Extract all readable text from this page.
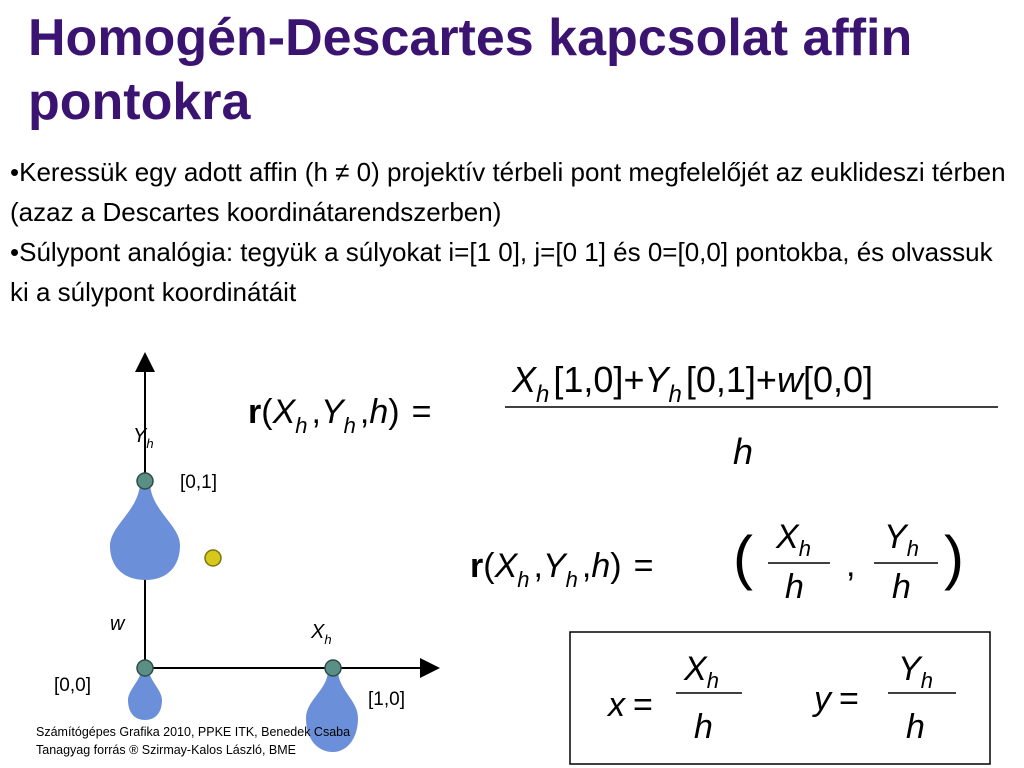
Homogén-Descartes kapcsolat affin pontokra

•Keressük egy adott affin (h ≠ 0) projektív térbeli pont megfelelőjét az euklideszi térben (azaz a Descartes koordinátarendszerben)

•Súlypont analógia: tegyük a súlyokat i=[1 0], j=[0 1] és 0=[0,0] pontokba, és olvassuk ki a súlypont koordinátáit

$Y_h$
[0,1]
w	$X_h$
[0,0]
[1,0]
$r(X_h$ $,Y_h$ ,h) =
$X_h$ $[1,0]+Y_h$ [0,1]+w[0,0]
h
$r(X_h$ $,Y_h$ ,h) = ( $X_h$
h
,
$Y_h$
h )
x =
$X_h$
h
y =
$Y_h$
h
Számítógépes Grafika 2010, PPKE ITK, Benedek Csaba
Tanagyag forrás ® Szirmay-Kalos László, BME
